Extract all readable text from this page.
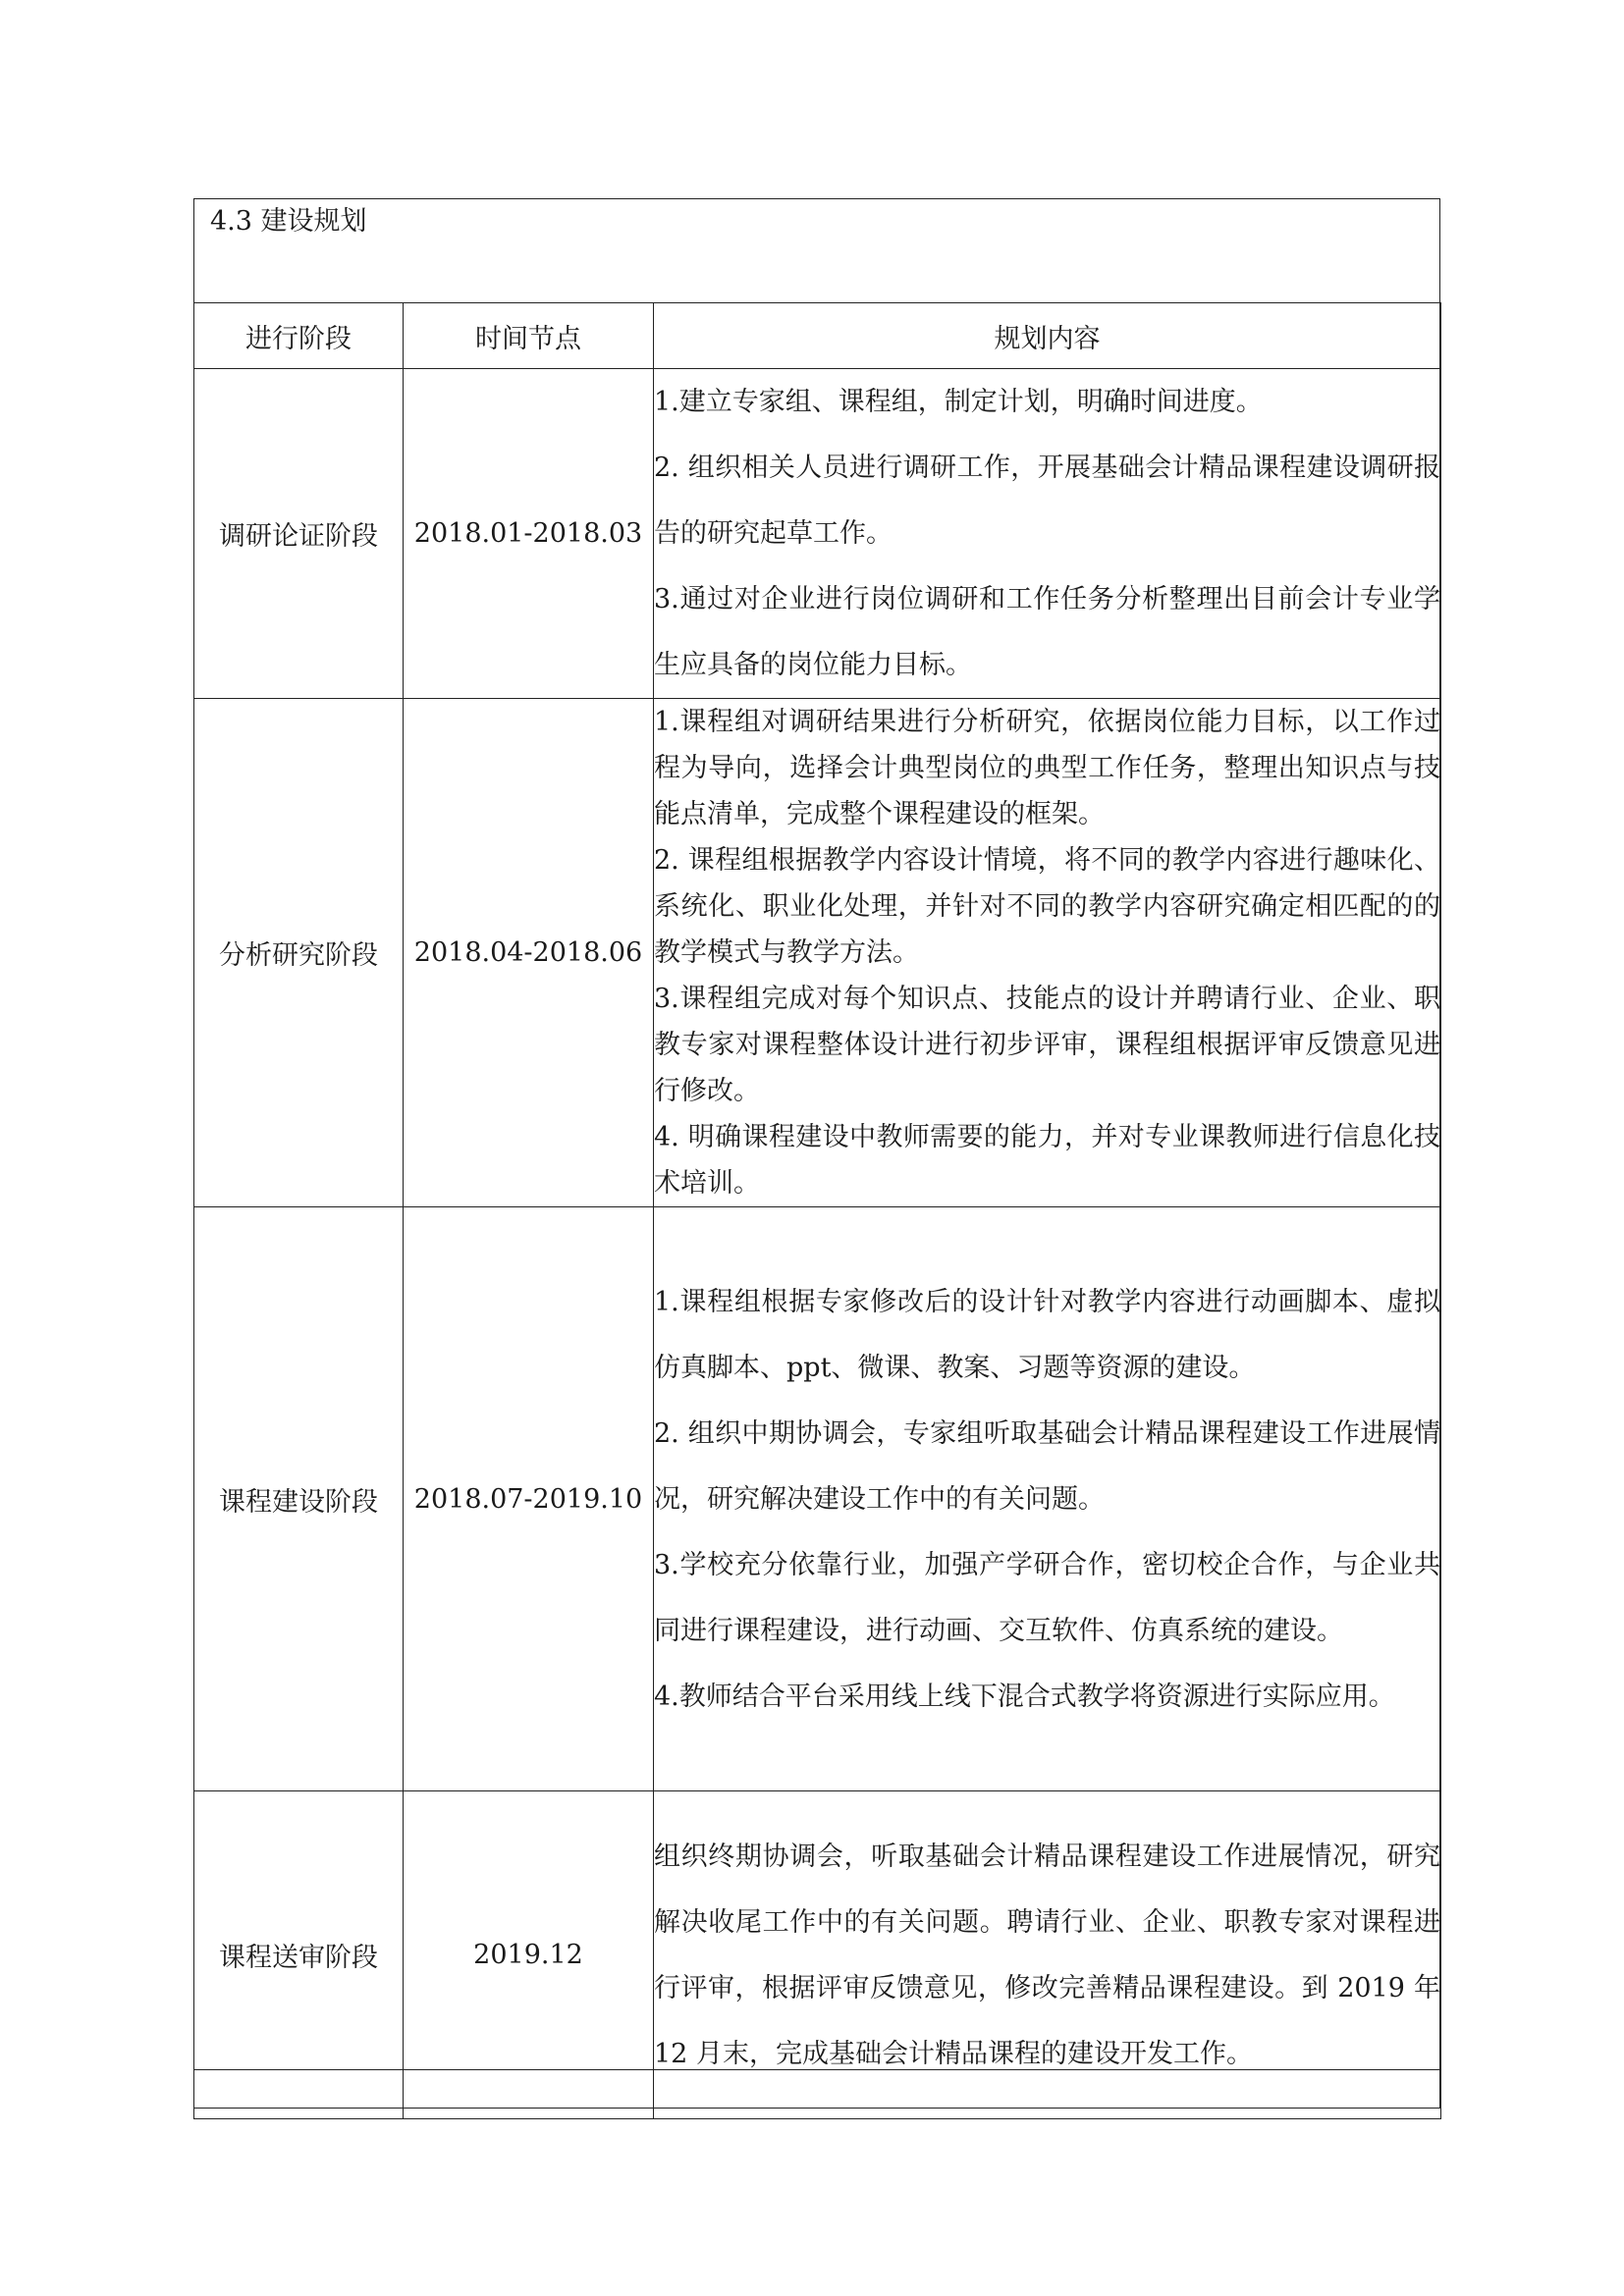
4.3 建设规划
进行阶段	时间节点	规划内容
调研论证阶段	2018.01-2018.03	1.建立专家组、课程组，制定计划，明确时间进度。

2. 组织相关人员进行调研工作，开展基础会计精品课程建设调研报告的研究起草工作。

3.通过对企业进行岗位调研和工作任务分析整理出目前会计专业学生应具备的岗位能力目标。

分析研究阶段	2018.04-2018.06	1.课程组对调研结果进行分析研究，依据岗位能力目标，以工作过程为导向，选择会计典型岗位的典型工作任务，整理出知识点与技能点清单，完成整个课程建设的框架。

2. 课程组根据教学内容设计情境，将不同的教学内容进行趣味化、系统化、职业化处理，并针对不同的教学内容研究确定相匹配的的教学模式与教学方法。

3.课程组完成对每个知识点、技能点的设计并聘请行业、企业、职教专家对课程整体设计进行初步评审，课程组根据评审反馈意见进行修改。

4. 明确课程建设中教师需要的能力，并对专业课教师进行信息化技术培训。

课程建设阶段	2018.07-2019.10	1.课程组根据专家修改后的设计针对教学内容进行动画脚本、虚拟仿真脚本、ppt、微课、教案、习题等资源的建设。

2. 组织中期协调会，专家组听取基础会计精品课程建设工作进展情况，研究解决建设工作中的有关问题。

3.学校充分依靠行业，加强产学研合作，密切校企合作，与企业共同进行课程建设，进行动画、交互软件、仿真系统的建设。

4.教师结合平台采用线上线下混合式教学将资源进行实际应用。

课程送审阶段	2019.12	组织终期协调会，听取基础会计精品课程建设工作进展情况，研究解决收尾工作中的有关问题。聘请行业、企业、职教专家对课程进行评审，根据评审反馈意见，修改完善精品课程建设。到 2019 年 12 月末，完成基础会计精品课程的建设开发工作。
